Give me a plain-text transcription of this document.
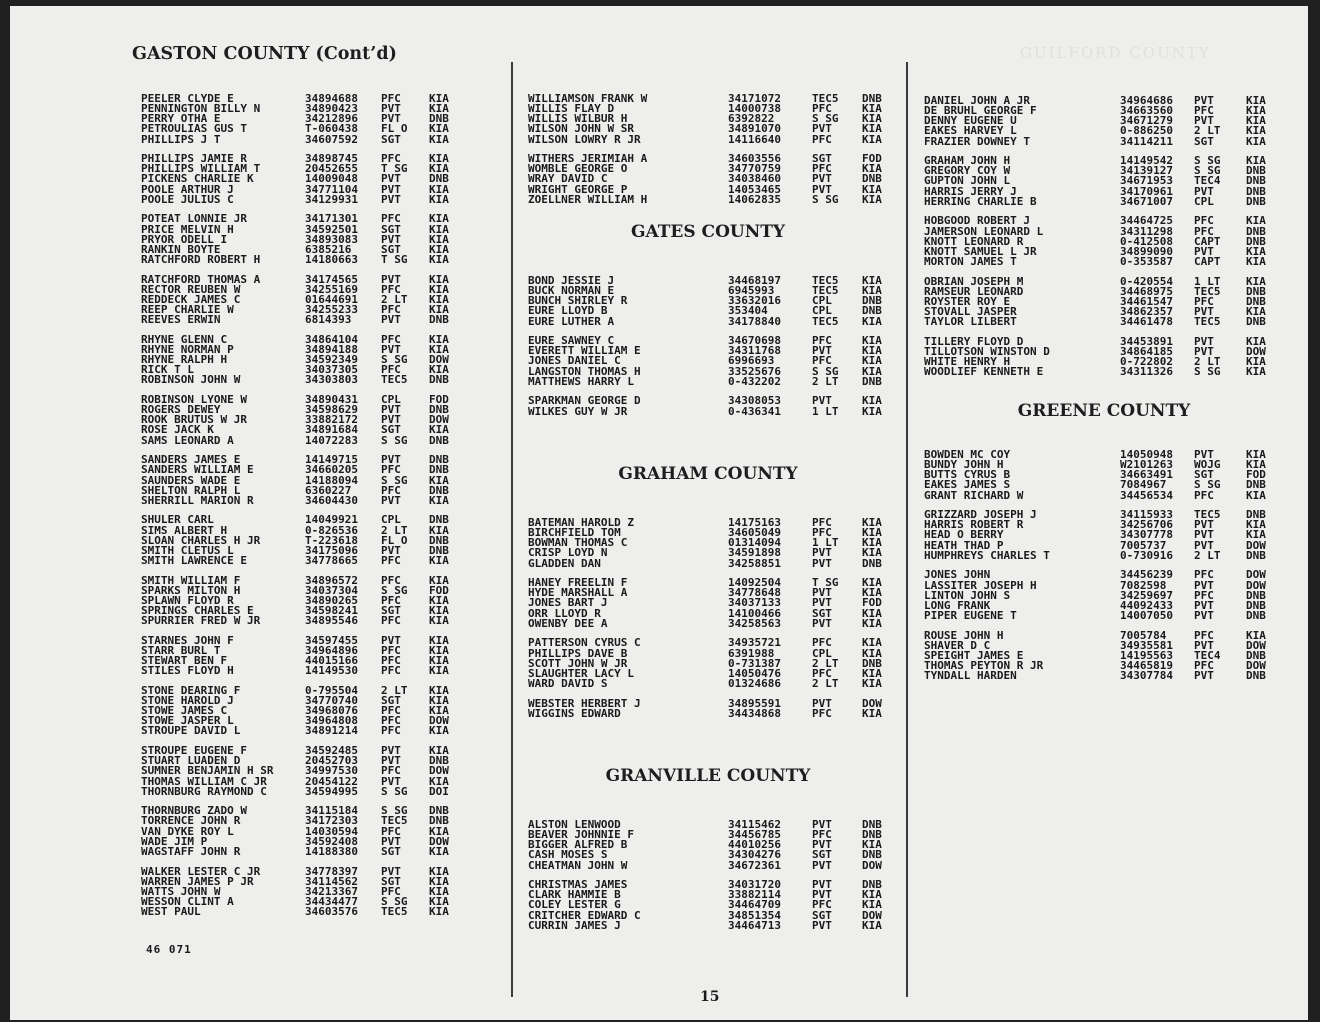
GUILFORD COUNTY
GASTON COUNTY (Cont’d)
PEELER CLYDE E	34894688	PFC	KIA
PENNINGTON BILLY N	34890423	PVT	KIA
PERRY OTHA E	34212896	PVT	DNB
PETROULIAS GUS T	T-060438	FL O	KIA
PHILLIPS J T	34607592	SGT	KIA
PHILLIPS JAMIE R	34898745	PFC	KIA
PHILLIPS WILLIAM T	20452655	T SG	KIA
PICKENS CHARLIE K	14009048	PVT	DNB
POOLE ARTHUR J	34771104	PVT	KIA
POOLE JULIUS C	34129931	PVT	KIA
POTEAT LONNIE JR	34171301	PFC	KIA
PRICE MELVIN H	34592501	SGT	KIA
PRYOR ODELL I	34893083	PVT	KIA
RANKIN BOYTE	6385216	SGT	KIA
RATCHFORD ROBERT H	14180663	T SG	KIA
RATCHFORD THOMAS A	34174565	PVT	KIA
RECTOR REUBEN W	34255169	PFC	KIA
REDDECK JAMES C	01644691	2 LT	KIA
REEP CHARLIE W	34255233	PFC	KIA
REEVES ERWIN	6814393	PVT	DNB
RHYNE GLENN C	34864104	PFC	KIA
RHYNE NORMAN P	34894188	PVT	KIA
RHYNE RALPH H	34592349	S SG	DOW
RICK T L	34037305	PFC	KIA
ROBINSON JOHN W	34303803	TEC5	DNB
ROBINSON LYONE W	34890431	CPL	FOD
ROGERS DEWEY	34598629	PVT	DNB
ROOK BRUTUS W JR	33882172	PVT	DOW
ROSE JACK K	34891684	SGT	KIA
SAMS LEONARD A	14072283	S SG	DNB
SANDERS JAMES E	14149715	PVT	DNB
SANDERS WILLIAM E	34660205	PFC	DNB
SAUNDERS WADE E	14188094	S SG	KIA
SHELTON RALPH L	6360227	PFC	DNB
SHERRILL MARION R	34604430	PVT	KIA
SHULER CARL	14049921	CPL	DNB
SIMS ALBERT H	0-826536	2 LT	KIA
SLOAN CHARLES H JR	T-223618	FL O	DNB
SMITH CLETUS L	34175096	PVT	DNB
SMITH LAWRENCE E	34778665	PFC	KIA
SMITH WILLIAM F	34896572	PFC	KIA
SPARKS MILTON H	34037304	S SG	FOD
SPLAWN FLOYD R	34890265	PFC	KIA
SPRINGS CHARLES E	34598241	SGT	KIA
SPURRIER FRED W JR	34895546	PFC	KIA
STARNES JOHN F	34597455	PVT	KIA
STARR BURL T	34964896	PFC	KIA
STEWART BEN F	44015166	PFC	KIA
STILES FLOYD H	14149530	PFC	KIA
STONE DEARING F	0-795504	2 LT	KIA
STONE HAROLD J	34770740	SGT	KIA
STOWE JAMES C	34968076	PFC	KIA
STOWE JASPER L	34964808	PFC	DOW
STROUPE DAVID L	34891214	PFC	KIA
STROUPE EUGENE F	34592485	PVT	KIA
STUART LUADEN D	20452703	PVT	DNB
SUMNER BENJAMIN H SR	34997530	PFC	DOW
THOMAS WILLIAM C JR	20454122	PVT	KIA
THORNBURG RAYMOND C	34594995	S SG	DOI
THORNBURG ZADO W	34115184	S SG	DNB
TORRENCE JOHN R	34172303	TEC5	DNB
VAN DYKE ROY L	14030594	PFC	KIA
WADE JIM P	34592408	PVT	DOW
WAGSTAFF JOHN R	14188380	SGT	KIA
WALKER LESTER C JR	34778397	PVT	KIA
WARREN JAMES P JR	34114562	SGT	KIA
WATTS JOHN W	34213367	PFC	KIA
WESSON CLINT A	34434477	S SG	KIA
WEST PAUL	34603576	TEC5	KIA
WILLIAMSON FRANK W	34171072	TEC5	DNB
WILLIS FLAY D	14000738	PFC	KIA
WILLIS WILBUR H	6392822	S SG	KIA
WILSON JOHN W SR	34891070	PVT	KIA
WILSON LOWRY R JR	14116640	PFC	KIA
WITHERS JERIMIAH A	34603556	SGT	FOD
WOMBLE GEORGE O	34770759	PFC	KIA
WRAY DAVID C	34038460	PVT	DNB
WRIGHT GEORGE P	14053465	PVT	KIA
ZOELLNER WILLIAM H	14062835	S SG	KIA
GATES COUNTY
BOND JESSIE J	34468197	TEC5	KIA
BUCK NORMAN E	6945993	TEC5	KIA
BUNCH SHIRLEY R	33632016	CPL	DNB
EURE LLOYD B	353404	CPL	DNB
EURE LUTHER A	34178840	TEC5	KIA
EURE SAWNEY C	34670698	PFC	KIA
EVERETT WILLIAM E	34311768	PVT	KIA
JONES DANIEL C	6996693	PFC	KIA
LANGSTON THOMAS H	33525676	S SG	KIA
MATTHEWS HARRY L	0-432202	2 LT	DNB
SPARKMAN GEORGE D	34308053	PVT	KIA
WILKES GUY W JR	0-436341	1 LT	KIA
GRAHAM COUNTY
BATEMAN HAROLD Z	14175163	PFC	KIA
BIRCHFIELD TOM	34605049	PFC	KIA
BOWMAN THOMAS C	01314094	1 LT	KIA
CRISP LOYD N	34591898	PVT	KIA
GLADDEN DAN	34258851	PVT	DNB
HANEY FREELIN F	14092504	T SG	KIA
HYDE MARSHALL A	34778648	PVT	KIA
JONES BART J	34037133	PVT	FOD
ORR LLOYD R	14100466	SGT	KIA
OWENBY DEE A	34258563	PVT	KIA
PATTERSON CYRUS C	34935721	PFC	KIA
PHILLIPS DAVE B	6391988	CPL	KIA
SCOTT JOHN W JR	0-731387	2 LT	DNB
SLAUGHTER LACY L	14050476	PFC	KIA
WARD DAVID S	01324686	2 LT	KIA
WEBSTER HERBERT J	34895591	PVT	DOW
WIGGINS EDWARD	34434868	PFC	KIA
GRANVILLE COUNTY
ALSTON LENWOOD	34115462	PVT	DNB
BEAVER JOHNNIE F	34456785	PFC	DNB
BIGGER ALFRED B	44010256	PVT	KIA
CASH MOSES S	34304276	SGT	DNB
CHEATMAN JOHN W	34672361	PVT	DOW
CHRISTMAS JAMES	34031720	PVT	DNB
CLARK HAMMIE B	33882114	PVT	KIA
COLEY LESTER G	34464709	PFC	KIA
CRITCHER EDWARD C	34851354	SGT	DOW
CURRIN JAMES J	34464713	PVT	KIA
DANIEL JOHN A JR	34964686	PVT	KIA
DE BRUHL GEORGE F	34663560	PFC	KIA
DENNY EUGENE U	34671279	PVT	KIA
EAKES HARVEY L	0-886250	2 LT	KIA
FRAZIER DOWNEY T	34114211	SGT	KIA
GRAHAM JOHN H	14149542	S SG	KIA
GREGORY COY W	34139127	S SG	DNB
GUPTON JOHN L	34671953	TEC4	DNB
HARRIS JERRY J	34170961	PVT	DNB
HERRING CHARLIE B	34671007	CPL	DNB
HOBGOOD ROBERT J	34464725	PFC	KIA
JAMERSON LEONARD L	34311298	PFC	DNB
KNOTT LEONARD R	0-412508	CAPT	DNB
KNOTT SAMUEL L JR	34899090	PVT	KIA
MORTON JAMES T	0-353587	CAPT	KIA
OBRIAN JOSEPH M	0-420554	1 LT	KIA
RAMSEUR LEONARD	34468975	TEC5	DNB
ROYSTER ROY E	34461547	PFC	DNB
STOVALL JASPER	34862357	PVT	KIA
TAYLOR LILBERT	34461478	TEC5	DNB
TILLERY FLOYD D	34453891	PVT	KIA
TILLOTSON WINSTON D	34864185	PVT	DOW
WHITE HENRY H	0-722802	2 LT	KIA
WOODLIEF KENNETH E	34311326	S SG	KIA
GREENE COUNTY
BOWDEN MC COY	14050948	PVT	KIA
BUNDY JOHN H	W2101263	WOJG	KIA
BUTTS CYRUS B	34663491	SGT	FOD
EAKES JAMES S	7084967	S SG	DNB
GRANT RICHARD W	34456534	PFC	KIA
GRIZZARD JOSEPH J	34115933	TEC5	DNB
HARRIS ROBERT R	34256706	PVT	KIA
HEAD O BERRY	34307778	PVT	KIA
HEATH THAD P	7005737	PVT	DOW
HUMPHREYS CHARLES T	0-730916	2 LT	DNB
JONES JOHN	34456239	PFC	DOW
LASSITER JOSEPH H	7082598	PVT	DOW
LINTON JOHN S	34259697	PFC	DNB
LONG FRANK	44092433	PVT	DNB
PIPER EUGENE T	14007050	PVT	DNB
ROUSE JOHN H	7005784	PFC	KIA
SHAVER D C	34935581	PVT	DOW
SPEIGHT JAMES E	14195563	TEC4	DNB
THOMAS PEYTON R JR	34465819	PFC	DOW
TYNDALL HARDEN	34307784	PVT	DNB
46 071
15
